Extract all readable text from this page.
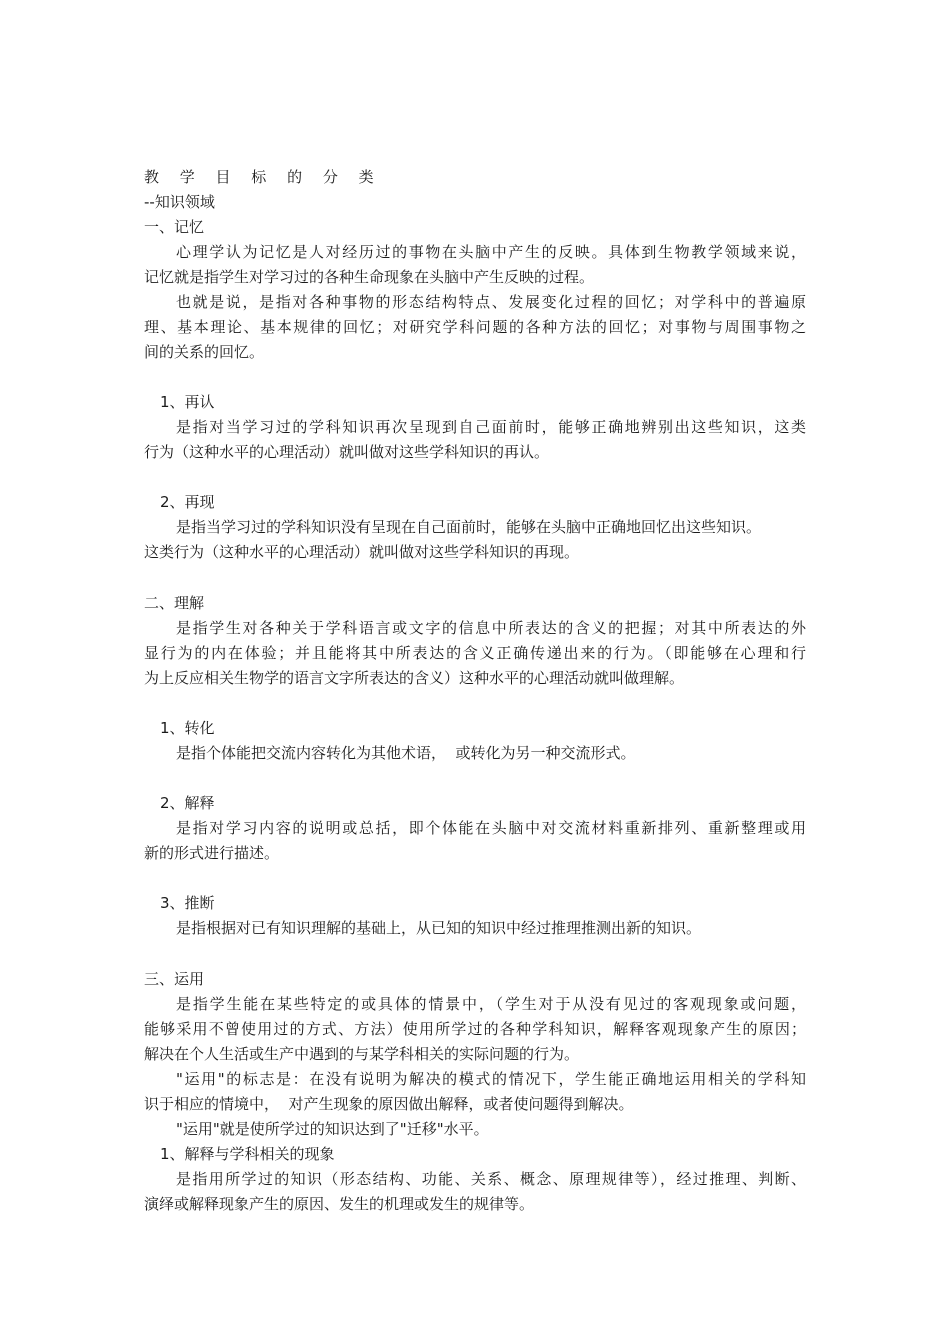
教 学 目 标 的 分 类
--知识领域
一、记忆
心理学认为记忆是人对经历过的事物在头脑中产生的反映。具体到生物教学领域来说，
记忆就是指学生对学习过的各种生命现象在头脑中产生反映的过程。
也就是说，是指对各种事物的形态结构特点、发展变化过程的回忆；对学科中的普遍原
理、基本理论、基本规律的回忆；对研究学科问题的各种方法的回忆；对事物与周围事物之
间的关系的回忆。
1、再认
是指对当学习过的学科知识再次呈现到自己面前时，能够正确地辨别出这些知识，这类
行为（这种水平的心理活动）就叫做对这些学科知识的再认。
2、再现
是指当学习过的学科知识没有呈现在自己面前时，能够在头脑中正确地回忆出这些知识。
这类行为（这种水平的心理活动）就叫做对这些学科知识的再现。
二、理解
是指学生对各种关于学科语言或文字的信息中所表达的含义的把握；对其中所表达的外
显行为的内在体验；并且能将其中所表达的含义正确传递出来的行为。（即能够在心理和行
为上反应相关生物学的语言文字所表达的含义）这种水平的心理活动就叫做理解。
1、转化
是指个体能把交流内容转化为其他术语，  或转化为另一种交流形式。
2、解释
是指对学习内容的说明或总括，即个体能在头脑中对交流材料重新排列、重新整理或用
新的形式进行描述。
3、推断
是指根据对已有知识理解的基础上，从已知的知识中经过推理推测出新的知识。
三、运用
是指学生能在某些特定的或具体的情景中，（学生对于从没有见过的客观现象或问题，
能够采用不曾使用过的方式、方法）使用所学过的各种学科知识，解释客观现象产生的原因；
解决在个人生活或生产中遇到的与某学科相关的实际问题的行为。
"运用"的标志是：在没有说明为解决的模式的情况下，学生能正确地运用相关的学科知
识于相应的情境中，  对产生现象的原因做出解释，或者使问题得到解决。
"运用"就是使所学过的知识达到了"迁移"水平。
1、解释与学科相关的现象
是指用所学过的知识（形态结构、功能、关系、概念、原理规律等），经过推理、判断、
演绎或解释现象产生的原因、发生的机理或发生的规律等。
